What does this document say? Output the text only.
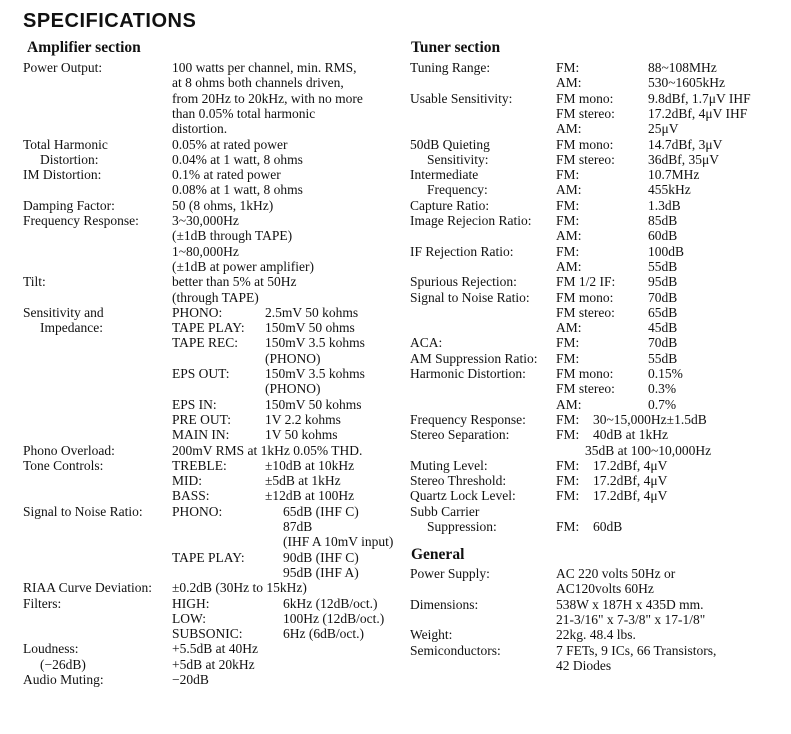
SPECIFICATIONS
Amplifier section	Tuner section
General
Power Output:	100 watts per channel, min. RMS,
at 8 ohms both channels driven,
from 20Hz to 20kHz, with no more
than 0.05% total harmonic
distortion.
Total Harmonic	0.05% at rated power
Distortion:	0.04% at 1 watt, 8 ohms
IM Distortion:	0.1% at rated power
0.08% at 1 watt, 8 ohms
Damping Factor:	50 (8 ohms, 1kHz)
Frequency Response: 3~30,000Hz
(±1dB through TAPE)
1~80,000Hz
(±1dB at power amplifier)
Tilt:	better than 5% at 50Hz
(through TAPE)
Sensitivity and	PHONO:	2.5mV 50 kohms
Impedance:	TAPE PLAY: 150mV 50 ohms
TAPE REC: 150mV 3.5 kohms
(PHONO)
EPS OUT:	150mV 3.5 kohms
(PHONO)
EPS IN:	150mV 50 kohms
PRE OUT:	1V 2.2 kohms
MAIN IN:	1V 50 kohms
Phono Overload:	200mV RMS at 1kHz 0.05% THD.
Tone Controls:	TREBLE:	±10dB at 10kHz
MID:	±5dB at 1kHz
BASS:	±12dB at 100Hz
Signal to Noise Ratio: PHONO:	65dB (IHF C)
87dB
(IHF A 10mV input)
TAPE PLAY:	90dB (IHF C)
95dB (IHF A)
RIAA Curve Deviation: ±0.2dB (30Hz to 15kHz)
Filters:	HIGH:	6kHz (12dB/oct.)
LOW:	100Hz (12dB/oct.)
SUBSONIC:	6Hz (6dB/oct.)
Loudness:	+5.5dB at 40Hz
(−26dB)	+5dB at 20kHz
Audio Muting:	−20dB
Tuning Range:	FM:	88~108MHz
AM:	530~1605kHz
Usable Sensitivity:	FM mono:	9.8dBf, 1.7μV IHF
FM stereo: 17.2dBf, 4μV IHF
AM:	25μV
50dB Quieting	FM mono:	14.7dBf, 3μV
Sensitivity:	FM stereo: 36dBf, 35μV
Intermediate	FM:	10.7MHz
Frequency:	AM:	455kHz
Capture Ratio:	FM:	1.3dB
Image Rejecion Ratio: FM:	85dB
AM:	60dB
IF Rejection Ratio:	FM:	100dB
AM:	55dB
Spurious Rejection:	FM 1/2 IF: 95dB
Signal to Noise Ratio: FM mono:	70dB
FM stereo: 65dB
AM:	45dB
ACA:	FM:	70dB
AM Suppression Ratio: FM:	55dB
Harmonic Distortion: FM mono:	0.15%
FM stereo: 0.3%
AM:	0.7%
Frequency Response: FM: 30~15,000Hz±1.5dB
Stereo Separation:	FM: 40dB at 1kHz
35dB at 100~10,000Hz
Muting Level:	FM: 17.2dBf, 4μV
Stereo Threshold:	FM: 17.2dBf, 4μV
Quartz Lock Level:	FM: 17.2dBf, 4μV
Subb Carrier
Suppression:	FM: 60dB
Power Supply:	AC 220 volts 50Hz or
AC120volts 60Hz
Dimensions:	538W x 187H x 435D mm.
21-3/16" x 7-3/8" x 17-1/8"
Weight:	22kg. 48.4 lbs.
Semiconductors:	7 FETs, 9 ICs, 66 Transistors,
42 Diodes
